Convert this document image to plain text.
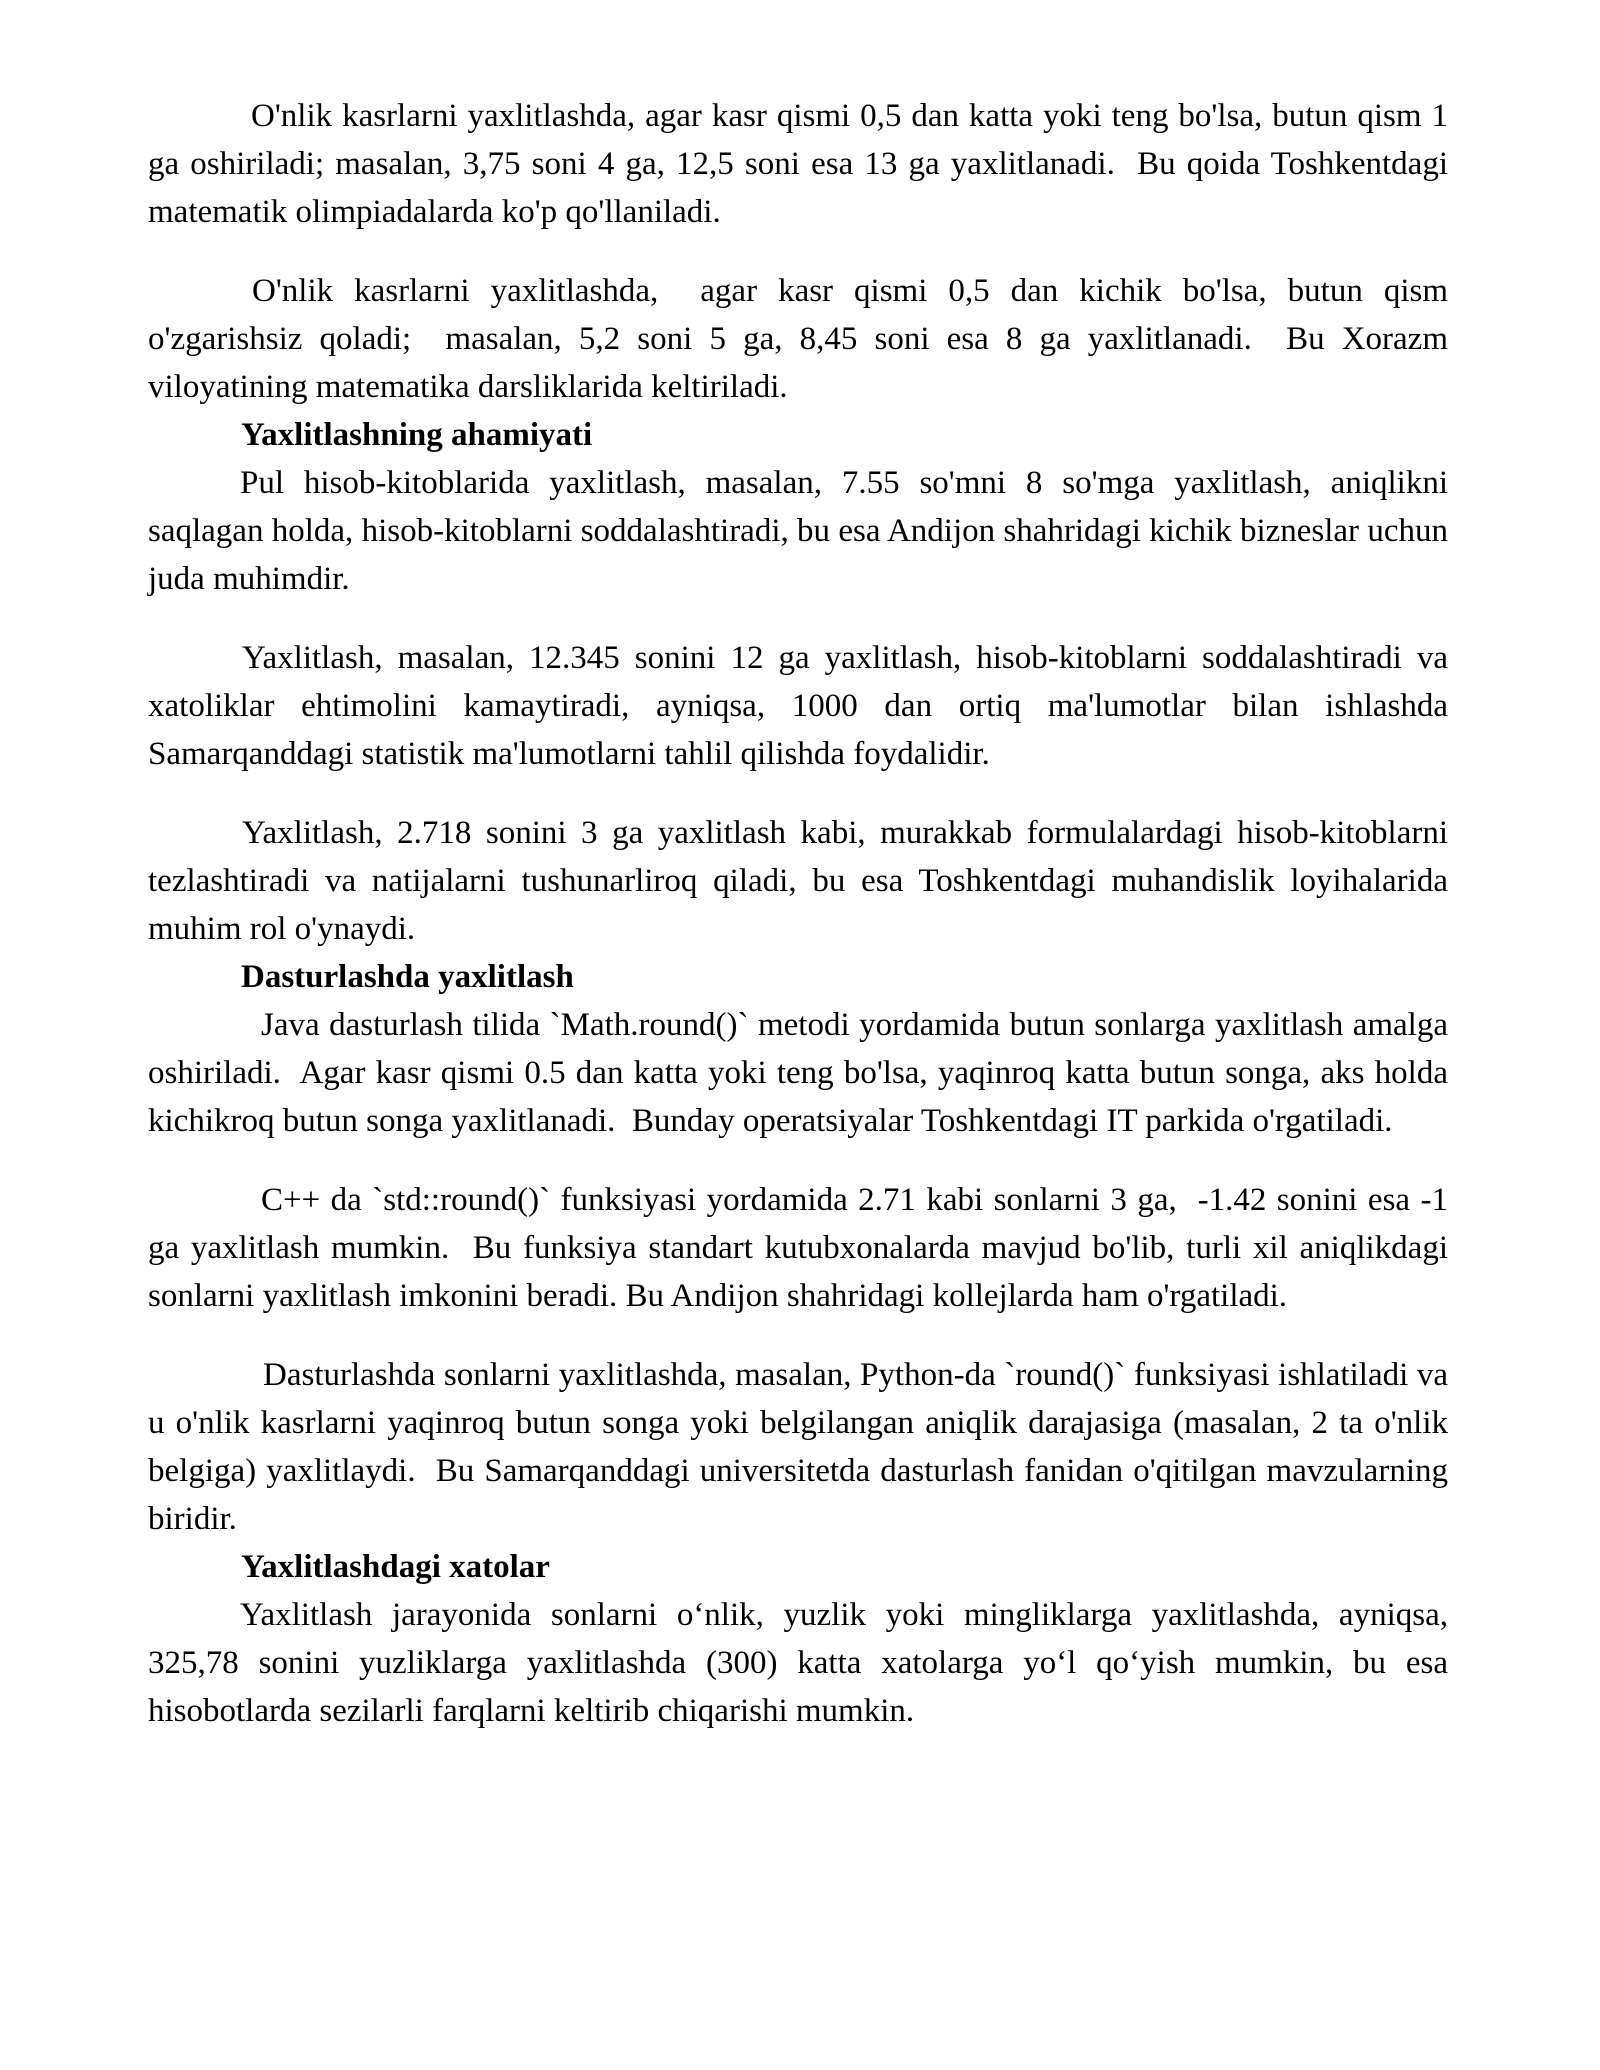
O'nlik kasrlarni yaxlitlashda, agar kasr qismi 0,5 dan katta yoki teng bo'lsa, butun qism 1 ga oshiriladi; masalan, 3,75 soni 4 ga, 12,5 soni esa 13 ga yaxlitlanadi.  Bu qoida Toshkentdagi matematik olimpiadalarda ko'p qo'llaniladi.

O'nlik kasrlarni yaxlitlashda,  agar kasr qismi 0,5 dan kichik bo'lsa, butun qism o'zgarishsiz qoladi;  masalan, 5,2 soni 5 ga, 8,45 soni esa 8 ga yaxlitlanadi.  Bu Xorazm viloyatining matematika darsliklarida keltiriladi.

Yaxlitlashning ahamiyati

Pul hisob-kitoblarida yaxlitlash, masalan, 7.55 so'mni 8 so'mga yaxlitlash, aniqlikni saqlagan holda, hisob-kitoblarni soddalashtiradi, bu esa Andijon shahridagi kichik bizneslar uchun juda muhimdir.

Yaxlitlash, masalan, 12.345 sonini 12 ga yaxlitlash, hisob-kitoblarni soddalashtiradi va xatoliklar ehtimolini kamaytiradi, ayniqsa, 1000 dan ortiq ma'lumotlar bilan ishlashda Samarqanddagi statistik ma'lumotlarni tahlil qilishda foydalidir.

Yaxlitlash, 2.718 sonini 3 ga yaxlitlash kabi, murakkab formulalardagi hisob-kitoblarni tezlashtiradi va natijalarni tushunarliroq qiladi, bu esa Toshkentdagi muhandislik loyihalarida muhim rol o'ynaydi.

Dasturlashda yaxlitlash

Java dasturlash tilida `Math.round()` metodi yordamida butun sonlarga yaxlitlash amalga oshiriladi.  Agar kasr qismi 0.5 dan katta yoki teng bo'lsa, yaqinroq katta butun songa, aks holda kichikroq butun songa yaxlitlanadi.  Bunday operatsiyalar Toshkentdagi IT parkida o'rgatiladi.

C++ da `std::round()` funksiyasi yordamida 2.71 kabi sonlarni 3 ga,  -1.42 sonini esa -1 ga yaxlitlash mumkin.  Bu funksiya standart kutubxonalarda mavjud bo'lib, turli xil aniqlikdagi sonlarni yaxlitlash imkonini beradi. Bu Andijon shahridagi kollejlarda ham o'rgatiladi.

Dasturlashda sonlarni yaxlitlashda, masalan, Python-da `round()` funksiyasi ishlatiladi va u o'nlik kasrlarni yaqinroq butun songa yoki belgilangan aniqlik darajasiga (masalan, 2 ta o'nlik belgiga) yaxlitlaydi.  Bu Samarqanddagi universitetda dasturlash fanidan o'qitilgan mavzularning biridir.

Yaxlitlashdagi xatolar

Yaxlitlash jarayonida sonlarni o‘nlik, yuzlik yoki mingliklarga yaxlitlashda, ayniqsa, 325,78 sonini yuzliklarga yaxlitlashda (300) katta xatolarga yo‘l qo‘yish mumkin, bu esa hisobotlarda sezilarli farqlarni keltirib chiqarishi mumkin.
